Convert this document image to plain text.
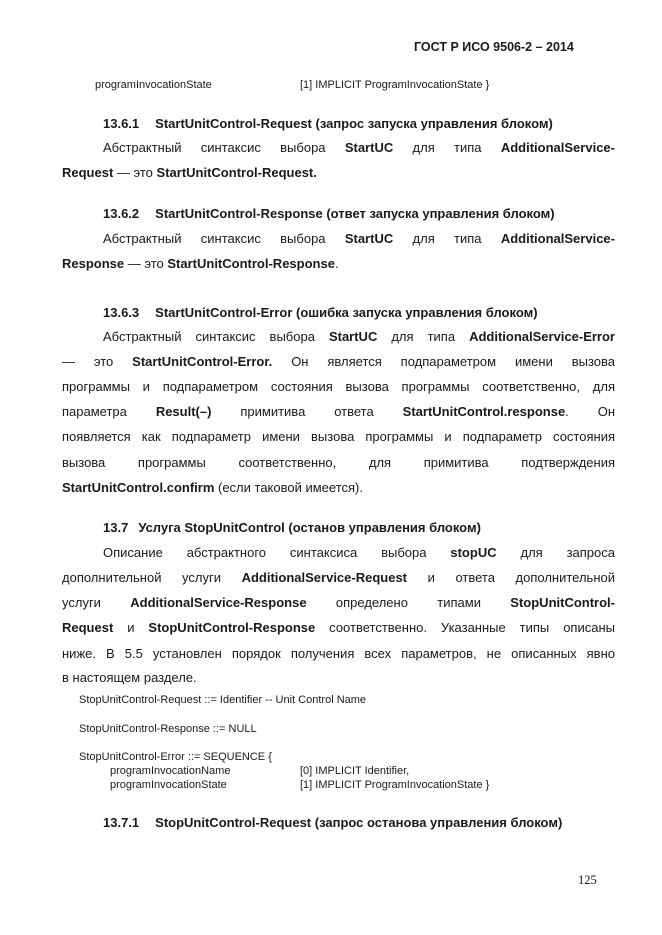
ГОСТ Р ИСО 9506-2 – 2014
programInvocationState	[1] IMPLICIT ProgramInvocationState }
13.6.1 StartUnitControl-Request (запрос запуска управления блоком)
Абстрактный синтаксис выбора StartUC для типа AdditionalService-
Request — это StartUnitControl-Request.
13.6.2 StartUnitControl-Response (ответ запуска управления блоком)
Абстрактный синтаксис выбора StartUC для типа AdditionalService-
Response — это StartUnitControl-Response.
13.6.3 StartUnitControl-Error (ошибка запуска управления блоком)
Абстрактный синтаксис выбора StartUC для типа AdditionalService-Error
— это StartUnitControl-Error. Он является подпараметром имени вызова
программы и подпараметром состояния вызова программы соответственно, для
параметра Result(–) примитива ответа StartUnitControl.response. Он
появляется как подпараметр имени вызова программы и подпараметр состояния
вызова программы соответственно, для примитива подтверждения
StartUnitControl.confirm (если таковой имеется).
13.7 Услуга StopUnitControl (останов управления блоком)
Описание абстрактного синтаксиса выбора stopUC для запроса
дополнительной услуги AdditionalService-Request и ответа дополнительной
услуги AdditionalService-Response определено типами StopUnitControl-
Request и StopUnitControl-Response соответственно. Указанные типы описаны
ниже. В 5.5 установлен порядок получения всех параметров, не описанных явно
в настоящем разделе.
StopUnitControl-Request ::= Identifier -- Unit Control Name
StopUnitControl-Response ::= NULL
StopUnitControl-Error ::= SEQUENCE {
programInvocationName	[0] IMPLICIT Identifier,
programInvocationState	[1] IMPLICIT ProgramInvocationState }
13.7.1 StopUnitControl-Request (запрос останова управления блоком)
125
